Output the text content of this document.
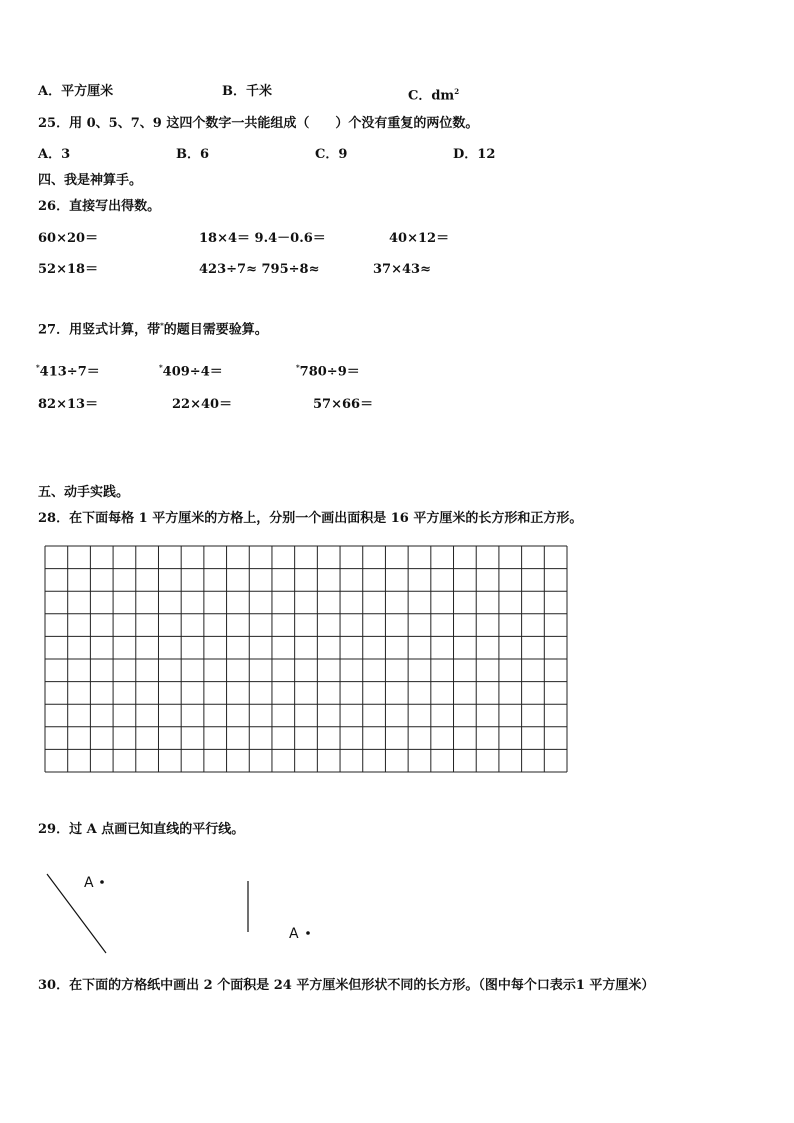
A．平方厘米	B．千米	C．$dm^2$
25．用 0、5、7、9 这四个数字一共能组成（　　）个没有重复的两位数。
A．3	B．6	C．9	D．12
四、我是神算手。
26．直接写出得数。
60×20＝	18×4＝ 9.4－0.6＝	40×12＝
52×18＝	423÷7≈ 795÷8≈	37×43≈
27．用竖式计算，带*的题目需要验算。
*413÷7＝	*409÷4＝	*780÷9＝
82×13＝	22×40＝	57×66＝
五、动手实践。
28．在下面每格 1 平方厘米的方格上，分别一个画出面积是 16 平方厘米的长方形和正方形。
29．过 A 点画已知直线的平行线。
A
A
30．在下面的方格纸中画出 2 个面积是 24 平方厘米但形状不同的长方形。（图中每个口表示1 平方厘米）
